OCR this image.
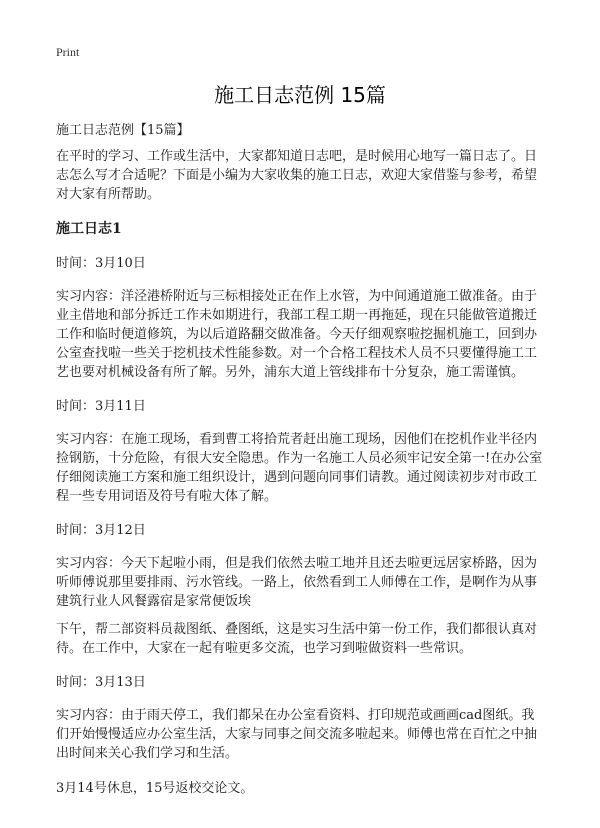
Print
施工日志范例 15篇
施工日志范例【15篇】

在平时的学习、工作或生活中，大家都知道日志吧，是时候用心地写一篇日志了。日志怎么写才合适呢？下面是小编为大家收集的施工日志，欢迎大家借鉴与参考，希望对大家有所帮助。

施工日志1
时间：3月10日

实习内容：洋泾港桥附近与三标相接处正在作上水管，为中间通道施工做准备。由于业主借地和部分拆迁工作未如期进行，我部工程工期一再拖延，现在只能做管道搬迁工作和临时便道修筑，为以后道路翻交做准备。今天仔细观察啦挖掘机施工，回到办公室查找啦一些关于挖机技术性能参数。对一个合格工程技术人员不只要懂得施工工艺也要对机械设备有所了解。另外，浦东大道上管线排布十分复杂，施工需谨慎。

时间：3月11日

实习内容：在施工现场，看到曹工将拾荒者赶出施工现场，因他们在挖机作业半径内捡钢筋，十分危险，有很大安全隐患。作为一名施工人员必须牢记安全第一!在办公室仔细阅读施工方案和施工组织设计，遇到问题向同事们请教。通过阅读初步对市政工程一些专用词语及符号有啦大体了解。

时间：3月12日

实习内容：今天下起啦小雨，但是我们依然去啦工地并且还去啦更远居家桥路，因为听师傅说那里要排雨、污水管线。一路上，依然看到工人师傅在工作，是啊作为从事建筑行业人风餐露宿是家常便饭埃

下午，帮二部资料员裁图纸、叠图纸，这是实习生活中第一份工作，我们都很认真对待。在工作中，大家在一起有啦更多交流，也学习到啦做资料一些常识。

时间：3月13日

实习内容：由于雨天停工，我们都呆在办公室看资料、打印规范或画画cad图纸。我们开始慢慢适应办公室生活，大家与同事之间交流多啦起来。师傅也常在百忙之中抽出时间来关心我们学习和生活。

3月14号休息，15号返校交论文。
